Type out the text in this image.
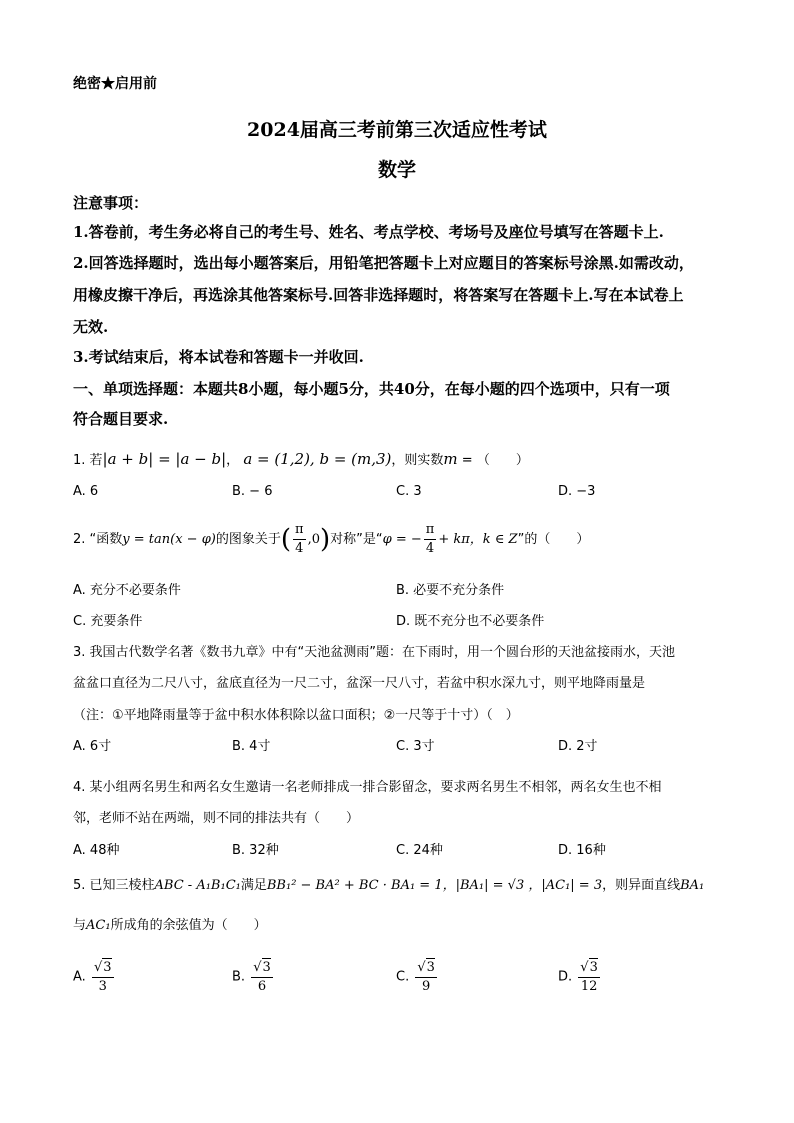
绝密★启用前
2024届高三考前第三次适应性考试
数学
注意事项：
1.答卷前，考生务必将自己的考生号、姓名、考点学校、考场号及座位号填写在答题卡上.
2.回答选择题时，选出每小题答案后，用铅笔把答题卡上对应题目的答案标号涂黑.如需改动，
用橡皮擦干净后，再选涂其他答案标号.回答非选择题时，将答案写在答题卡上.写在本试卷上
无效.
3.考试结束后，将本试卷和答题卡一并收回.
一、单项选择题：本题共8小题，每小题5分，共40分，在每小题的四个选项中，只有一项
符合题目要求.
1. 若|a + b| = |a − b|， a = (1,2), b = (m,3)，则实数m = （　　）
A. 6	B. − 6	C. 3	D. −3
2. “函数y = tan(x − φ)的图象关于( $\frac{\pi}{4} ,0$)对称”是“φ = − $\frac{\pi}{4} + k\pi$，k ∈ Z”的（　　）
A. 充分不必要条件	B. 必要不充分条件
C. 充要条件	D. 既不充分也不必要条件
3. 我国古代数学名著《数书九章》中有“天池盆测雨”题：在下雨时，用一个圆台形的天池盆接雨水，天池
盆盆口直径为二尺八寸，盆底直径为一尺二寸，盆深一尺八寸，若盆中积水深九寸，则平地降雨量是
（注：①平地降雨量等于盆中积水体积除以盆口面积；②一尺等于十寸）（　）
A. 6寸	B. 4寸	C. 3寸	D. 2寸
4. 某小组两名男生和两名女生邀请一名老师排成一排合影留念，要求两名男生不相邻，两名女生也不相
邻，老师不站在两端，则不同的排法共有（　　）
A. 48种	B. 32种	C. 24种	D. 16种
5. 已知三棱柱ABC - A₁B₁C₁满足BB₁² − BA² + BC · BA₁ = 1，|BA₁| = √3 ，|AC₁| = 3，则异面直线BA₁
与AC₁所成角的余弦值为（　　）
A. $\frac{√3}{3}$	B. $\frac{√3}{6}$	C. $\frac{√3}{9}$	D. $\frac{√3}{12}$
